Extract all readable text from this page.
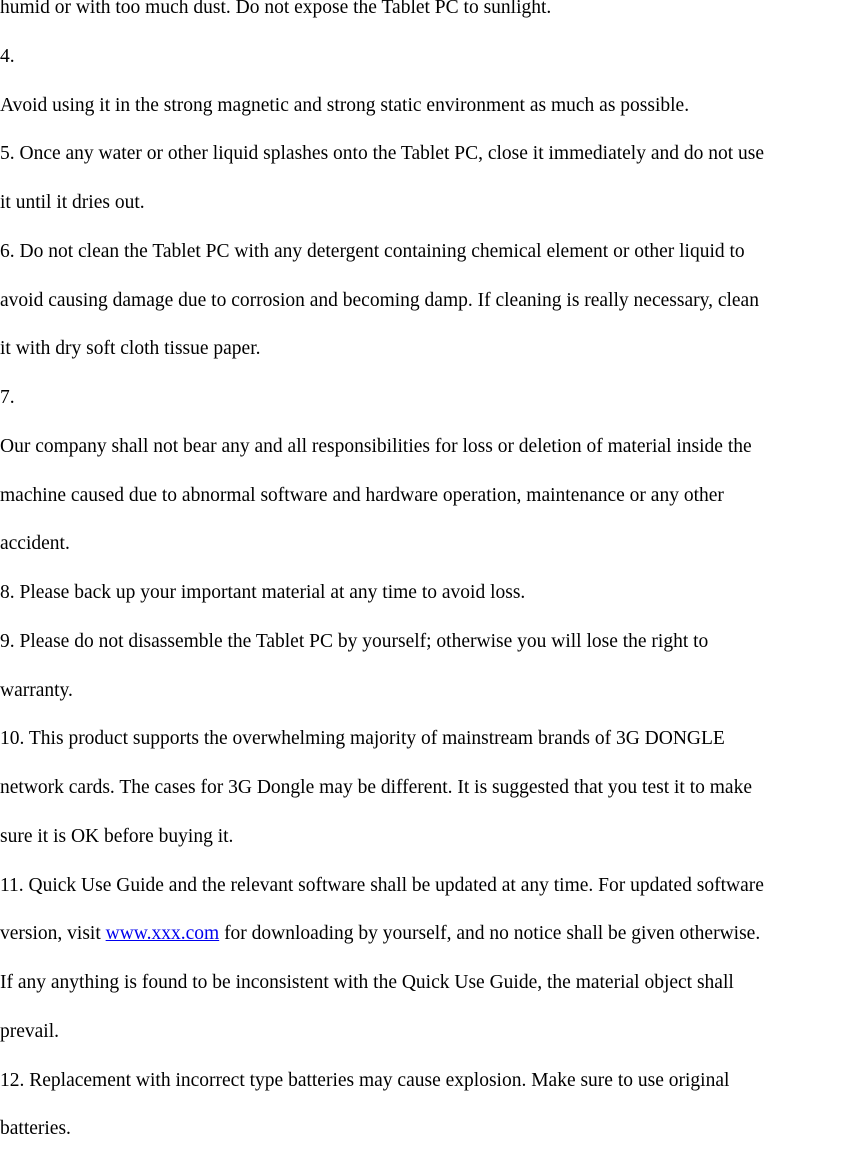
humid or with too much dust. Do not expose the Tablet PC to sunlight.
4.
Avoid using it in the strong magnetic and strong static environment as much as possible.
5. Once any water or other liquid splashes onto the Tablet PC, close it immediately and do not use
it until it dries out.
6. Do not clean the Tablet PC with any detergent containing chemical element or other liquid to
avoid causing damage due to corrosion and becoming damp. If cleaning is really necessary, clean
it with dry soft cloth tissue paper.
7.
Our company shall not bear any and all responsibilities for loss or deletion of material inside the
machine caused due to abnormal software and hardware operation, maintenance or any other
accident.
8. Please back up your important material at any time to avoid loss.
9. Please do not disassemble the Tablet PC by yourself; otherwise you will lose the right to
warranty.
10. This product supports the overwhelming majority of mainstream brands of 3G DONGLE
network cards. The cases for 3G Dongle may be different. It is suggested that you test it to make
sure it is OK before buying it.
11. Quick Use Guide and the relevant software shall be updated at any time. For updated software
version, visit www.xxx.com for downloading by yourself, and no notice shall be given otherwise.
If any anything is found to be inconsistent with the Quick Use Guide, the material object shall
prevail.
12. Replacement with incorrect type batteries may cause explosion. Make sure to use original
batteries.
